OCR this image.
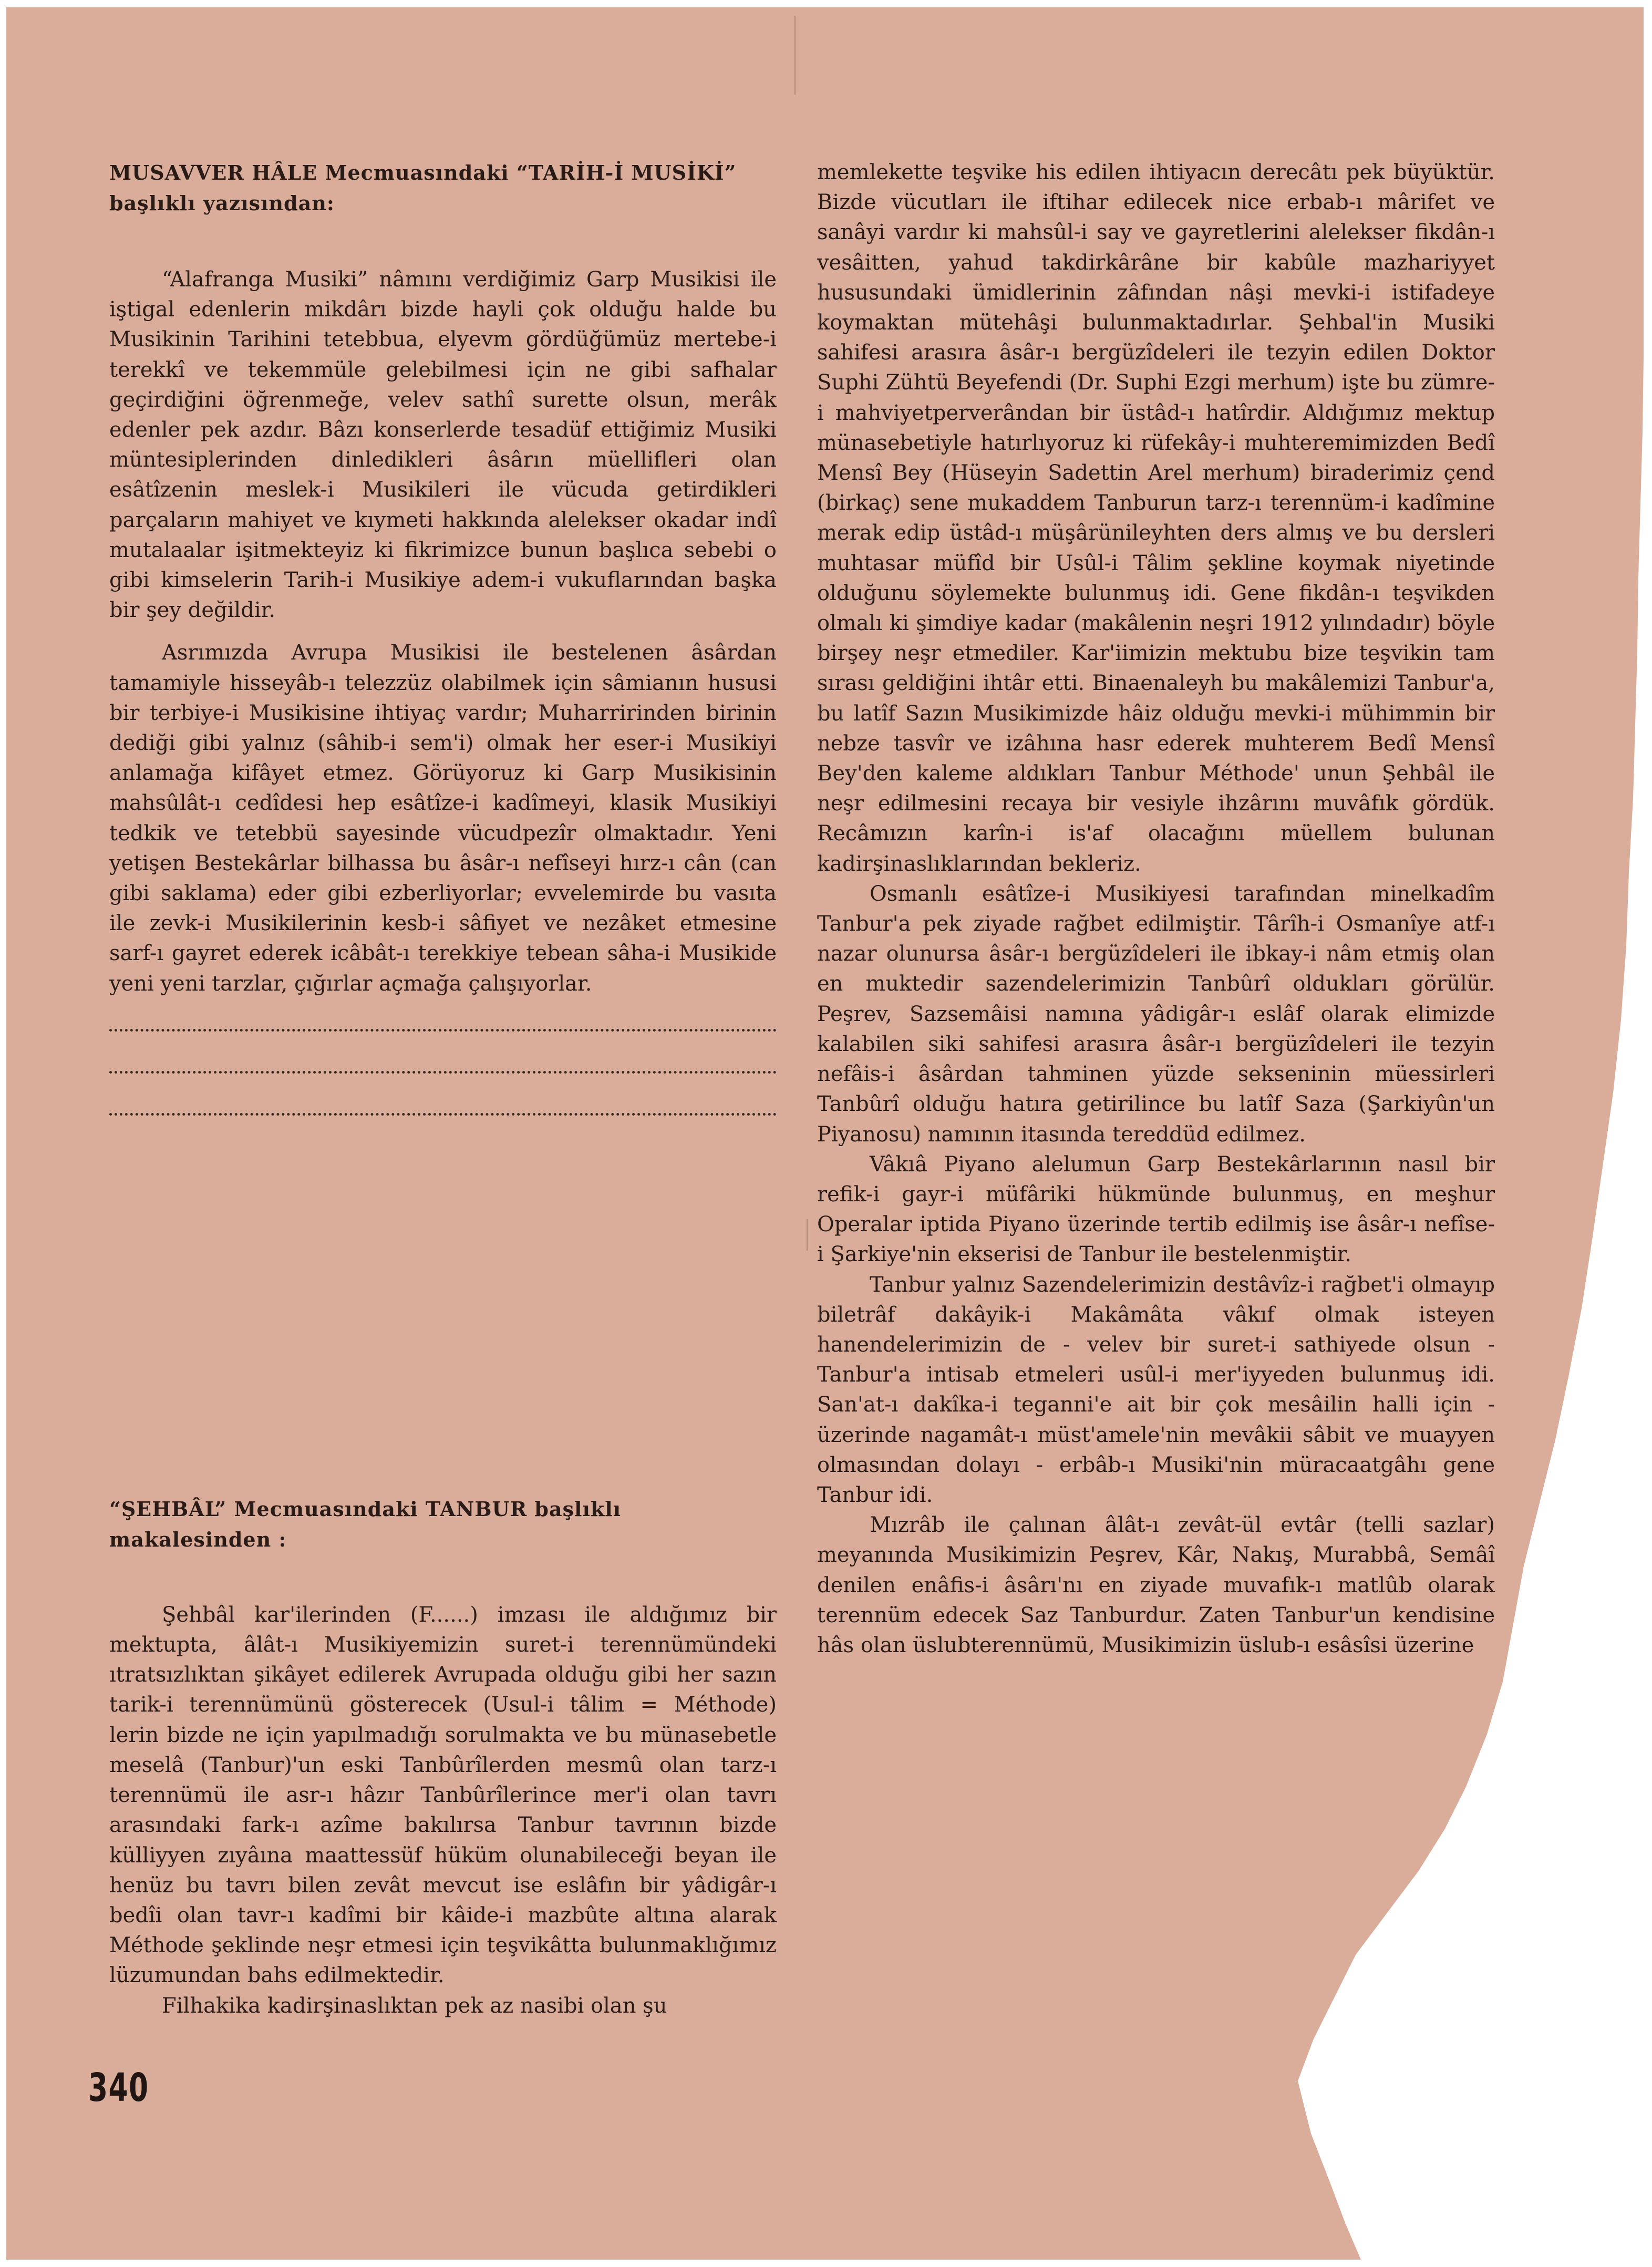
MUSAVVER HÂLE Mecmuasındaki “TARİH-İ MUSİKİ” başlıklı yazısından:

“Alafranga Musiki” nâmını verdiğimiz Garp Musikisi ile iştigal edenlerin mikdârı bizde hayli çok olduğu halde bu Musikinin Tarihini tetebbua, elyevm gördüğümüz mertebe-i terekkî ve tekemmüle gelebilmesi için ne gibi safhalar geçirdiğini öğrenmeğe, velev sathî surette olsun, merâk edenler pek azdır. Bâzı konserlerde tesadüf ettiğimiz Musiki müntesiplerinden dinledikleri âsârın müellifleri olan esâtîzenin meslek-i Musikileri ile vücuda getirdikleri parçaların mahiyet ve kıymeti hakkında alelekser okadar indî mutalaalar işitmekteyiz ki fikrimizce bunun başlıca sebebi o gibi kimselerin Tarih-i Musikiye adem-i vukuflarından başka bir şey değildir.

Asrımızda Avrupa Musikisi ile bestelenen âsârdan tamamiyle hisseyâb-ı telezzüz olabilmek için sâmianın hususi bir terbiye-i Musikisine ihtiyaç vardır; Muharririnden birinin dediği gibi yalnız (sâhib-i sem'i) olmak her eser-i Musikiyi anlamağa kifâyet etmez. Görüyoruz ki Garp Musikisinin mahsûlât-ı cedîdesi hep esâtîze-i kadîmeyi, klasik Musikiyi tedkik ve tetebbü sayesinde vücudpezîr olmaktadır. Yeni yetişen Bestekârlar bilhassa bu âsâr-ı nefîseyi hırz-ı cân (can gibi saklama) eder gibi ezberliyorlar; evvelemirde bu vasıta ile zevk-i Musikilerinin kesb-i sâfiyet ve nezâket etmesine sarf-ı gayret ederek icâbât-ı terekkiye tebean sâha-i Musikide yeni yeni tarzlar, çığırlar açmağa çalışıyorlar.

“ŞEHBÂL” Mecmuasındaki TANBUR başlıklı makalesinden :

Şehbâl kar'ilerinden (F......) imzası ile aldığımız bir mektupta, âlât-ı Musikiyemizin suret-i terennümündeki ıtratsızlıktan şikâyet edilerek Avrupada olduğu gibi her sazın tarik-i terennümünü gösterecek (Usul-i tâlim = Méthode) lerin bizde ne için yapılmadığı sorulmakta ve bu münasebetle meselâ (Tanbur)'un eski Tanbûrîlerden mesmû olan tarz-ı terennümü ile asr-ı hâzır Tanbûrîlerince mer'i olan tavrı arasındaki fark-ı azîme bakılırsa Tanbur tavrının bizde külliyyen zıyâına maattessüf hüküm olunabileceği beyan ile henüz bu tavrı bilen zevât mevcut ise eslâfın bir yâdigâr-ı bedîi olan tavr-ı kadîmi bir kâide-i mazbûte altına alarak Méthode şeklinde neşr etmesi için teşvikâtta bulunmaklığımız lüzumundan bahs edilmektedir.

Filhakika kadirşinaslıktan pek az nasibi olan şu

memlekette teşvike his edilen ihtiyacın derecâtı pek büyüktür. Bizde vücutları ile iftihar edilecek nice erbab-ı mârifet ve sanâyi vardır ki mahsûl-i say ve gayretlerini alelekser fikdân-ı vesâitten, yahud takdirkârâne bir kabûle mazhariyyet hususundaki ümidlerinin zâfından nâşi mevki-i istifadeye koymaktan mütehâşi bulunmaktadırlar. Şehbal'in Musiki sahifesi arasıra âsâr-ı bergüzîdeleri ile tezyin edilen Doktor Suphi Zühtü Beyefendi (Dr. Suphi Ezgi merhum) işte bu zümre-i mahviyetperverândan bir üstâd-ı hatîrdir. Aldığımız mektup münasebetiyle hatırlıyoruz ki rüfekây-i muhteremimizden Bedî Mensî Bey (Hüseyin Sadettin Arel merhum) biraderimiz çend (birkaç) sene mukaddem Tanburun tarz-ı terennüm-i kadîmine merak edip üstâd-ı müşârünileyhten ders almış ve bu dersleri muhtasar müfîd bir Usûl-i Tâlim şekline koymak niyetinde olduğunu söylemekte bulunmuş idi. Gene fikdân-ı teşvikden olmalı ki şimdiye kadar (makâlenin neşri 1912 yılındadır) böyle birşey neşr etmediler. Kar'iimizin mektubu bize teşvikin tam sırası geldiğini ihtâr etti. Binaenaleyh bu makâlemizi Tanbur'a, bu latîf Sazın Musikimizde hâiz olduğu mevki-i mühimmin bir nebze tasvîr ve izâhına hasr ederek muhterem Bedî Mensî Bey'den kaleme aldıkları Tanbur Méthode' unun Şehbâl ile neşr edilmesini recaya bir vesiyle ihzârını muvâfık gördük. Recâmızın karîn-i is'af olacağını müellem bulunan kadirşinaslıklarından bekleriz.

Osmanlı esâtîze-i Musikiyesi tarafından minelkadîm Tanbur'a pek ziyade rağbet edilmiştir. Târîh-i Osmanîye atf-ı nazar olunursa âsâr-ı bergüzîdeleri ile ibkay-i nâm etmiş olan en muktedir sazendelerimizin Tanbûrî oldukları görülür. Peşrev, Sazsemâisi namına yâdigâr-ı eslâf olarak elimizde kalabilen siki sahifesi arasıra âsâr-ı bergüzîdeleri ile tezyin nefâis-i âsârdan tahminen yüzde sekseninin müessirleri Tanbûrî olduğu hatıra getirilince bu latîf Saza (Şarkiyûn'un Piyanosu) namının itasında tereddüd edilmez.

Vâkıâ Piyano alelumun Garp Bestekârlarının nasıl bir refik-i gayr-i müfâriki hükmünde bulunmuş, en meşhur Operalar iptida Piyano üzerinde tertib edilmiş ise âsâr-ı nefîse-i Şarkiye'nin ekserisi de Tanbur ile bestelenmiştir.

Tanbur yalnız Sazendelerimizin destâvîz-i rağbet'i olmayıp biletrâf dakâyik-i Makâmâta vâkıf olmak isteyen hanendelerimizin de - velev bir suret-i sathiyede olsun - Tanbur'a intisab etmeleri usûl-i mer'iyyeden bulunmuş idi. San'at-ı dakîka-i teganni'e ait bir çok mesâilin halli için - üzerinde nagamât-ı müst'amele'nin mevâkii sâbit ve muayyen olmasından dolayı - erbâb-ı Musiki'nin müracaatgâhı gene Tanbur idi.

Mızrâb ile çalınan âlât-ı zevât-ül evtâr (telli sazlar) meyanında Musikimizin Peşrev, Kâr, Nakış, Murabbâ, Semâî denilen enâfis-i âsârı'nı en ziyade muvafık-ı matlûb olarak terennüm edecek Saz Tanburdur. Zaten Tanbur'un kendisine hâs olan üslubterennümü, Musikimizin üslub-ı esâsîsi üzerine

340
